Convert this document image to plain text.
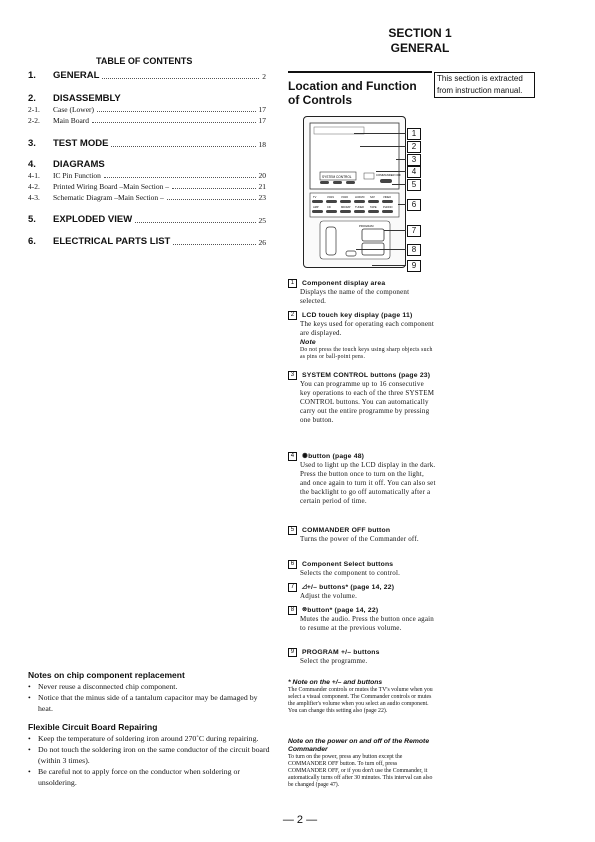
SECTION 1
GENERAL
TABLE OF CONTENTS
1.	GENERAL	2
2.	DISASSEMBLY
2-1.	Case (Lower)	17
2-2.	Main Board	17
3.	TEST MODE	18
4.	DIAGRAMS
4-1.	IC Pin Function	20
4-2.	Printed Wiring Board –Main Section –	21
4-3.	Schematic Diagram –Main Section –	23
5.	EXPLODED VIEW	25
6.	ELECTRICAL PARTS LIST	26
Location and Function
of Controls
This section is extracted from instruction manual.
SYSTEM CONTROL	COMMANDER OFF
TV	VCR1	VCR2	LD/DVD SAT	VIDEO
AMP	CD	MD/DAT TUNER TAPE PHONO
PROGRAM
1
2
3
4
5
6
7
8
9
1	Component display area
Displays the name of the component selected.
2	LCD touch key display (page 11)
The keys used for operating each component are displayed.
Note
Do not press the touch keys using sharp objects such as pins or ball-point pens.
3	SYSTEM CONTROL buttons (page 23)
You can programme up to 16 consecutive key operations to each of the three SYSTEM CONTROL buttons. You can automatically carry out the entire programme by pressing one button.
4	✺ button (page 48)
Used to light up the LCD display in the dark. Press the button once to turn on the light, and once again to turn it off. You can also set the backlight to go off automatically after a certain period of time.
5	COMMANDER OFF button
Turns the power of the Commander off.
6	Component Select buttons
Selects the component to control.
7	◿ +/– buttons* (page 14, 22)
Adjust the volume.
8	⊗ button* (page 14, 22)
Mutes the audio. Press the button once again to resume at the previous volume.
9	PROGRAM +/– buttons
Select the programme.
* Note on the +/– and buttons
The Commander controls or mutes the TV's volume when you select a visual component. The Commander controls or mutes the amplifier's volume when you select an audio component. You can change this setting also (page 22).
Note on the power on and off of the Remote Commander
To turn on the power, press any button except the COMMANDER OFF button. To turn off, press COMMANDER OFF, or if you don't use the Commander, it automatically turns off after 30 minutes. This interval can also be changed (page 47).
Notes on chip component replacement
• Never reuse a disconnected chip component.
• Notice that the minus side of a tantalum capacitor may be damaged by heat.
Flexible Circuit Board Repairing
• Keep the temperature of soldering iron around 270˚C during repairing.
• Do not touch the soldering iron on the same conductor of the circuit board (within 3 times).
• Be careful not to apply force on the conductor when soldering or unsoldering.
— 2 —
